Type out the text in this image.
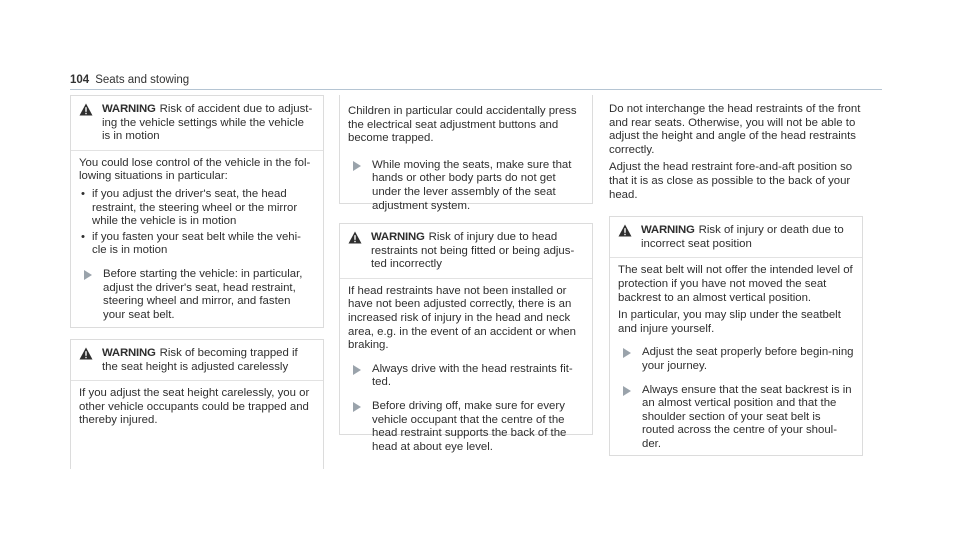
104 Seats and stowing
WARNING Risk of accident due to adjust-ing the vehicle settings while the vehicle is in motion

You could lose control of the vehicle in the fol-lowing situations in particular:

• if you adjust the driver's seat, the head restraint, the steering wheel or the mirror while the vehicle is in motion
• if you fasten your seat belt while the vehi-cle is in motion
Before starting the vehicle: in particular, adjust the driver's seat, head restraint, steering wheel and mirror, and fasten your seat belt.
WARNING Risk of becoming trapped if the seat height is adjusted carelessly

If you adjust the seat height carelessly, you or other vehicle occupants could be trapped and thereby injured.

Children in particular could accidentally press the electrical seat adjustment buttons and become trapped.

While moving the seats, make sure that hands or other body parts do not get under the lever assembly of the seat adjustment system.
WARNING Risk of injury due to head restraints not being fitted or being adjus-ted incorrectly

If head restraints have not been installed or have not been adjusted correctly, there is an increased risk of injury in the head and neck area, e.g. in the event of an accident or when braking.

Always drive with the head restraints fit-ted.
Before driving off, make sure for every vehicle occupant that the centre of the head restraint supports the back of the head at about eye level.

Do not interchange the head restraints of the front and rear seats. Otherwise, you will not be able to adjust the height and angle of the head restraints correctly.

Adjust the head restraint fore-and-aft position so that it is as close as possible to the back of your head.

WARNING Risk of injury or death due to incorrect seat position

The seat belt will not offer the intended level of protection if you have not moved the seat backrest to an almost vertical position.

In particular, you may slip under the seatbelt and injure yourself.

Adjust the seat properly before begin-ning your journey.
Always ensure that the seat backrest is in an almost vertical position and that the shoulder section of your seat belt is routed across the centre of your shoul-der.
